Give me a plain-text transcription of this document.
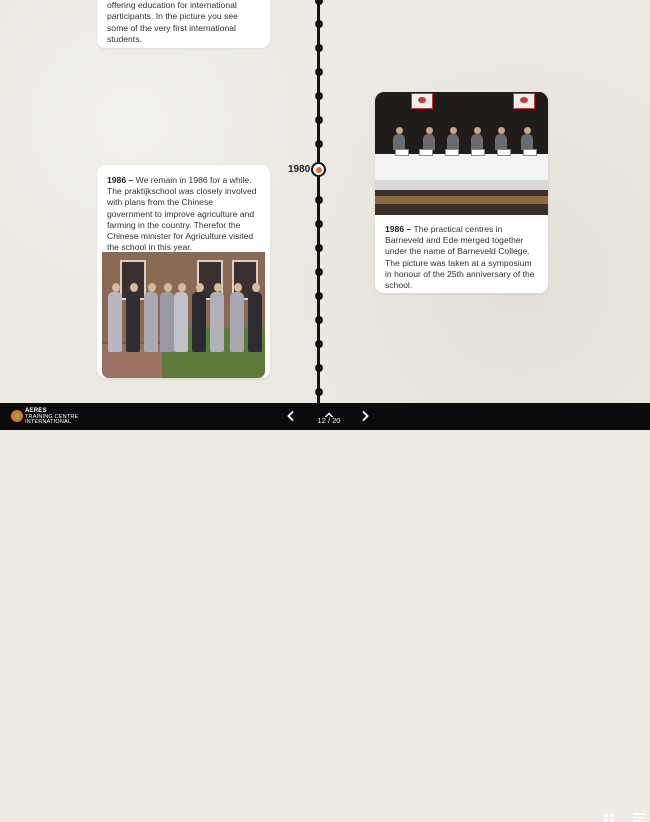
1980

offering education for international participants. In the picture you see some of the very first international students.

1986 – We remain in 1986 for a while. The praktijkschool was closely involved with plans from the Chinese government to improve agriculture and farming in the country. Therefor the Chinese minister for Agriculture visited the school in this year.

1986 – The practical centres in Barneveld and Ede merged together under the name of Barneveld College. The picture was taken at a symposium in honour of the 25th anniversary of the school.

AERES
TRAINING CENTRE
INTERNATIONAL	12 / 20
